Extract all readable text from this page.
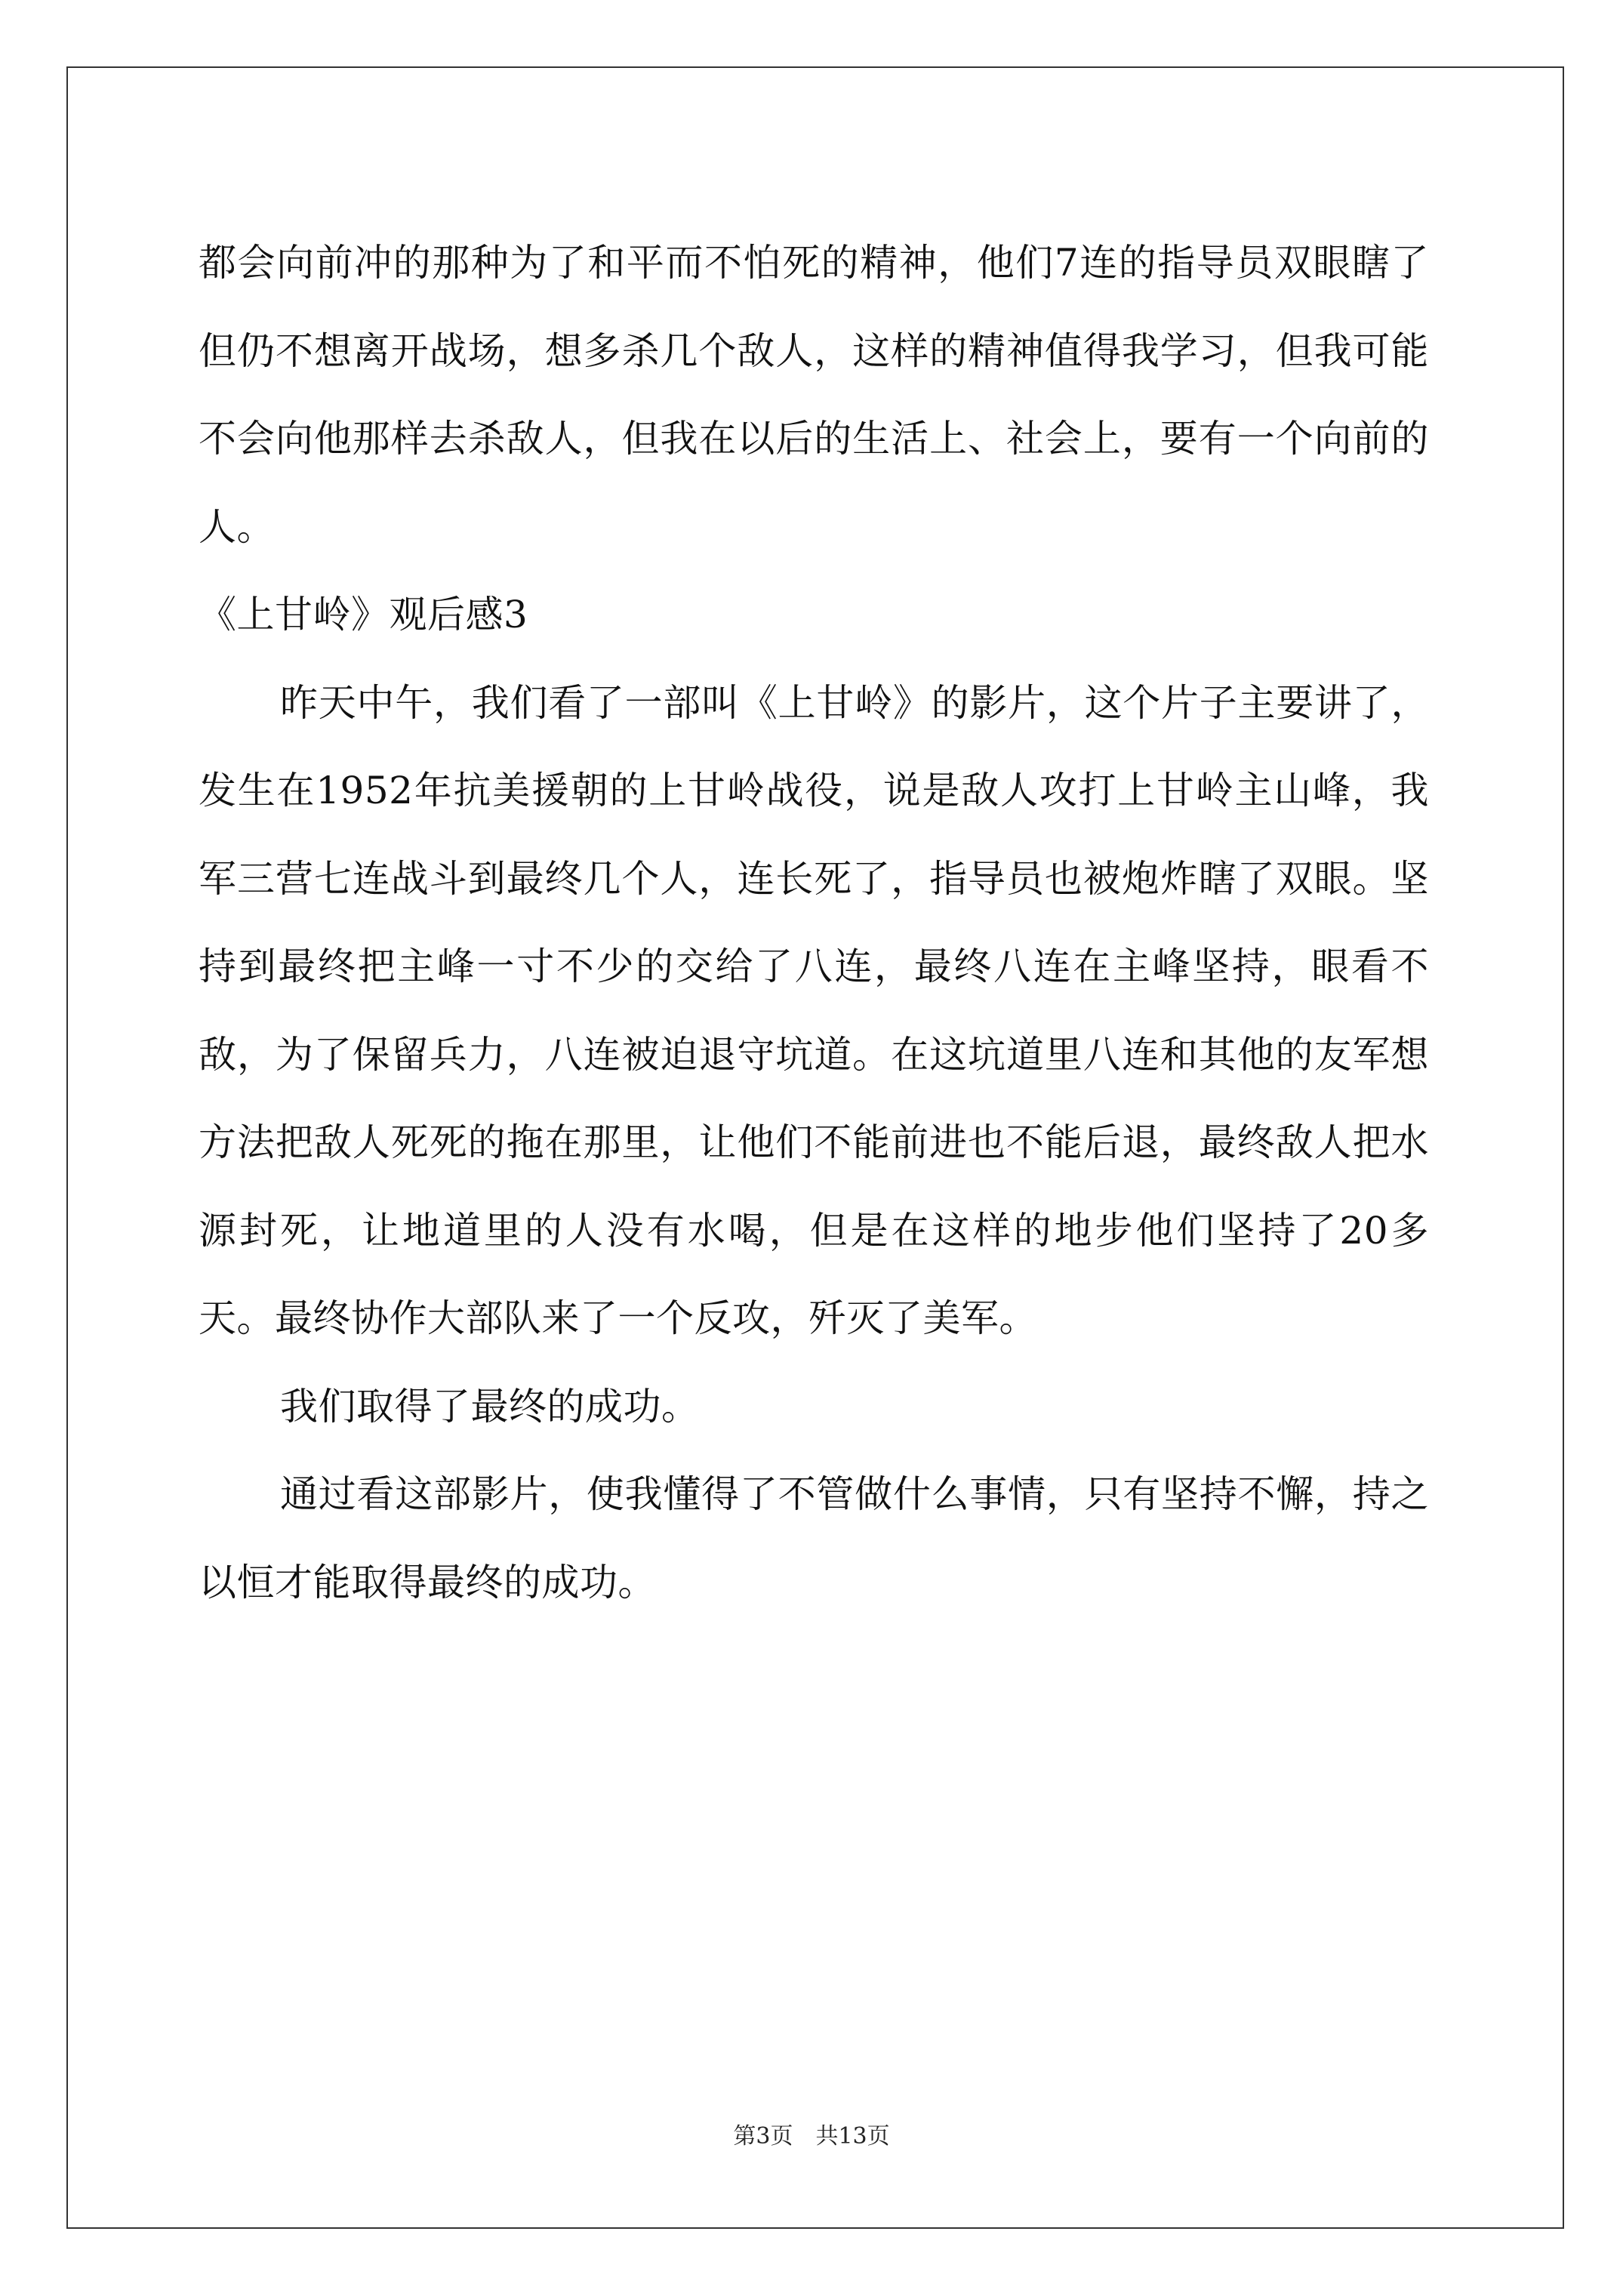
都会向前冲的那种为了和平而不怕死的精神，他们7连的指导员双眼瞎了但仍不想离开战场，想多杀几个敌人，这样的精神值得我学习，但我可能不会向他那样去杀敌人，但我在以后的生活上、社会上，要有一个向前的人。

《上甘岭》观后感3

昨天中午，我们看了一部叫《上甘岭》的影片，这个片子主要讲了，发生在1952年抗美援朝的上甘岭战役，说是敌人攻打上甘岭主山峰，我军三营七连战斗到最终几个人，连长死了，指导员也被炮炸瞎了双眼。坚持到最终把主峰一寸不少的交给了八连，最终八连在主峰坚持，眼看不敌，为了保留兵力，八连被迫退守坑道。在这坑道里八连和其他的友军想方法把敌人死死的拖在那里，让他们不能前进也不能后退，最终敌人把水源封死，让地道里的人没有水喝，但是在这样的地步他们坚持了20多天。最终协作大部队来了一个反攻，歼灭了美军。

我们取得了最终的成功。

通过看这部影片，使我懂得了不管做什么事情，只有坚持不懈，持之以恒才能取得最终的成功。

第3页　 共13页
